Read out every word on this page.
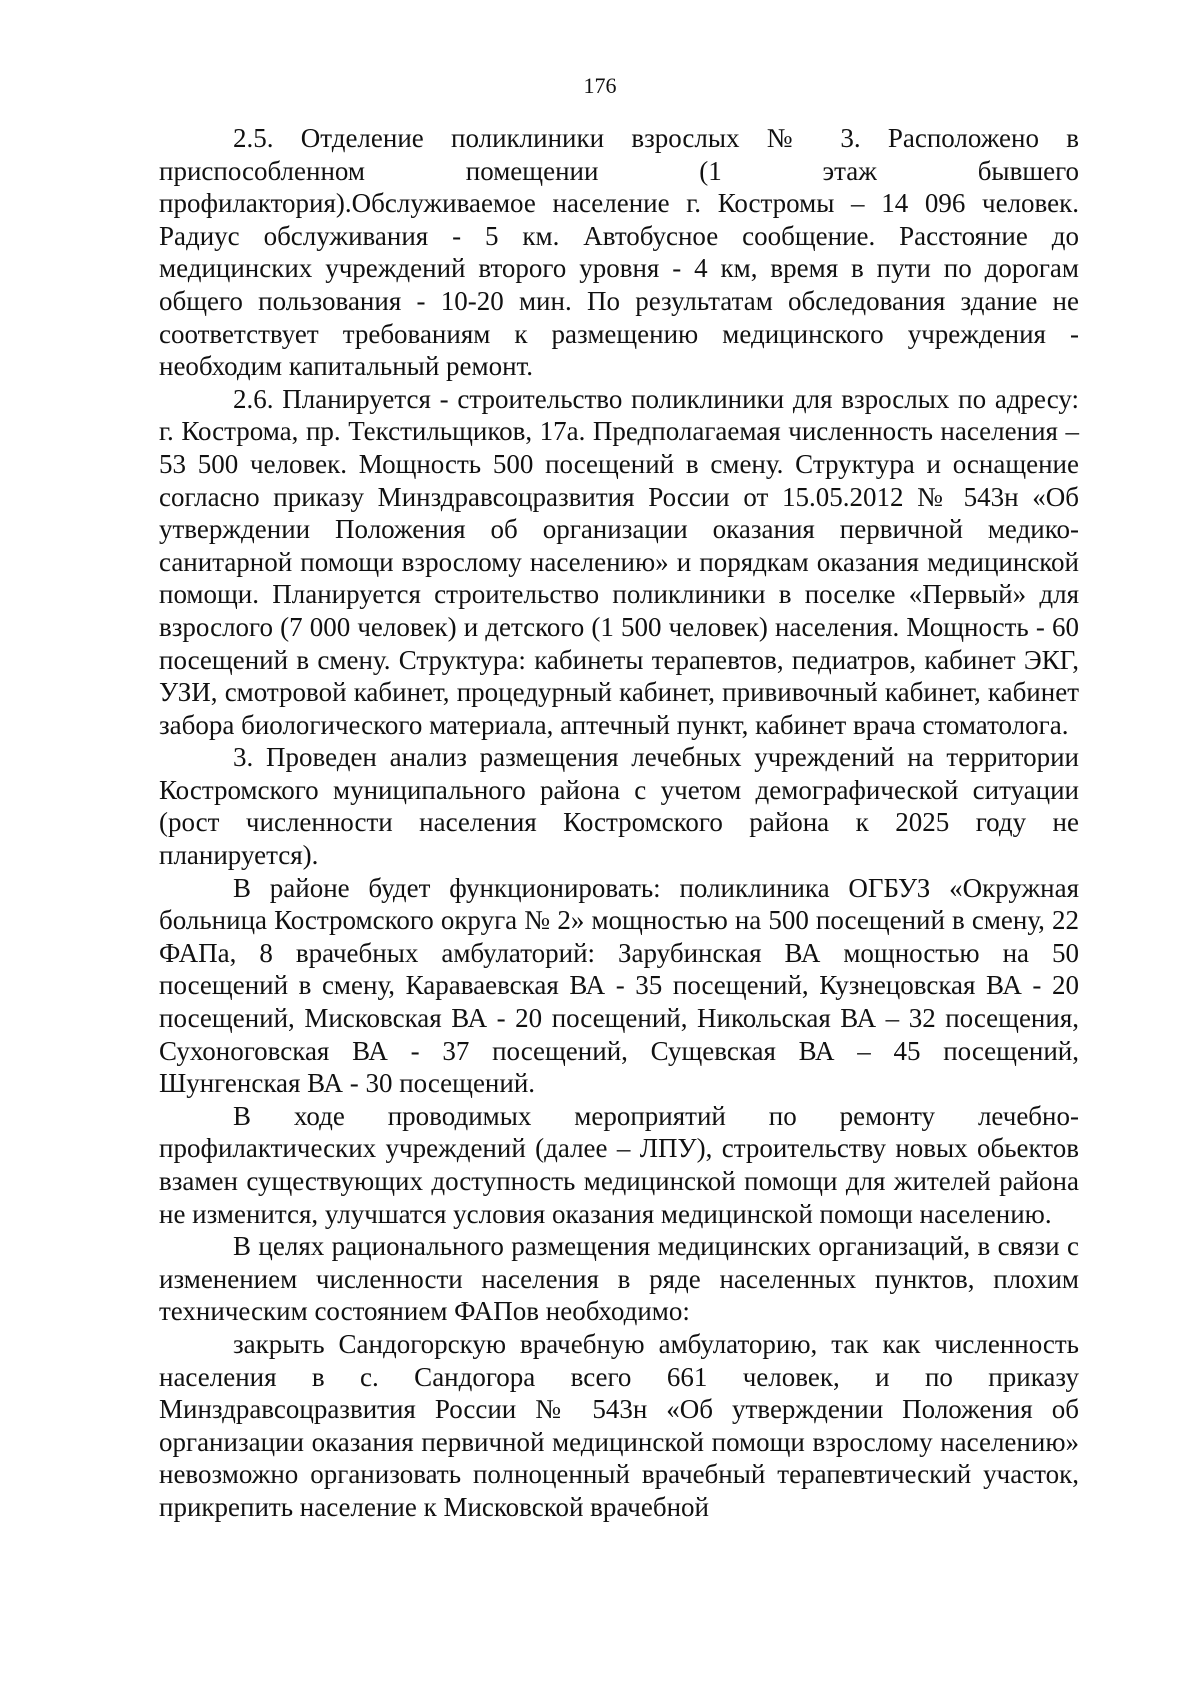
176

2.5. Отделение поликлиники взрослых № 3. Расположено в приспособленном помещении (1 этаж бывшего профилактория).Обслуживаемое население г. Костромы – 14 096 человек. Радиус обслуживания - 5 км. Автобусное сообщение. Расстояние до медицинских учреждений второго уровня - 4 км, время в пути по дорогам общего пользования - 10-20 мин. По результатам обследования здание не соответствует требованиям к размещению медицинского учреждения - необходим капитальный ремонт.

2.6. Планируется - строительство поликлиники для взрослых по адресу: г. Кострома, пр. Текстильщиков, 17а. Предполагаемая численность населения – 53 500 человек. Мощность 500 посещений в смену. Структура и оснащение согласно приказу Минздравсоцразвития России от 15.05.2012 № 543н «Об утверждении Положения об организации оказания первичной медико-санитарной помощи взрослому населению» и порядкам оказания медицинской помощи. Планируется строительство поликлиники в поселке «Первый» для взрослого (7 000 человек) и детского (1 500 человек) населения. Мощность - 60 посещений в смену. Структура: кабинеты терапевтов, педиатров, кабинет ЭКГ, УЗИ, смотровой кабинет, процедурный кабинет, прививочный кабинет, кабинет забора биологического материала, аптечный пункт, кабинет врача стоматолога.

3. Проведен анализ размещения лечебных учреждений на территории Костромского муниципального района с учетом демографической ситуации (рост численности населения Костромского района к 2025 году не планируется).

В районе будет функционировать: поликлиника ОГБУЗ «Окружная больница Костромского округа № 2» мощностью на 500 посещений в смену, 22 ФАПа, 8 врачебных амбулаторий: Зарубинская ВА мощностью на 50 посещений в смену, Караваевская ВА - 35 посещений, Кузнецовская ВА - 20 посещений, Мисковская ВА - 20 посещений, Никольская ВА – 32 посещения, Сухоноговская ВА - 37 посещений, Сущевская ВА – 45 посещений, Шунгенская ВА - 30 посещений.

В ходе проводимых мероприятий по ремонту лечебно-профилактических учреждений (далее – ЛПУ), строительству новых обьектов взамен существующих доступность медицинской помощи для жителей района не изменится, улучшатся условия оказания медицинской помощи населению.

В целях рационального размещения медицинских организаций, в связи с изменением численности населения в ряде населенных пунктов, плохим техническим состоянием ФАПов необходимо:

закрыть Сандогорскую врачебную амбулаторию, так как численность населения в с. Сандогора всего 661 человек, и по приказу Минздравсоцразвития России № 543н «Об утверждении Положения об организации оказания первичной медицинской помощи взрослому населению» невозможно организовать полноценный врачебный терапевтический участок, прикрепить население к Мисковской врачебной
